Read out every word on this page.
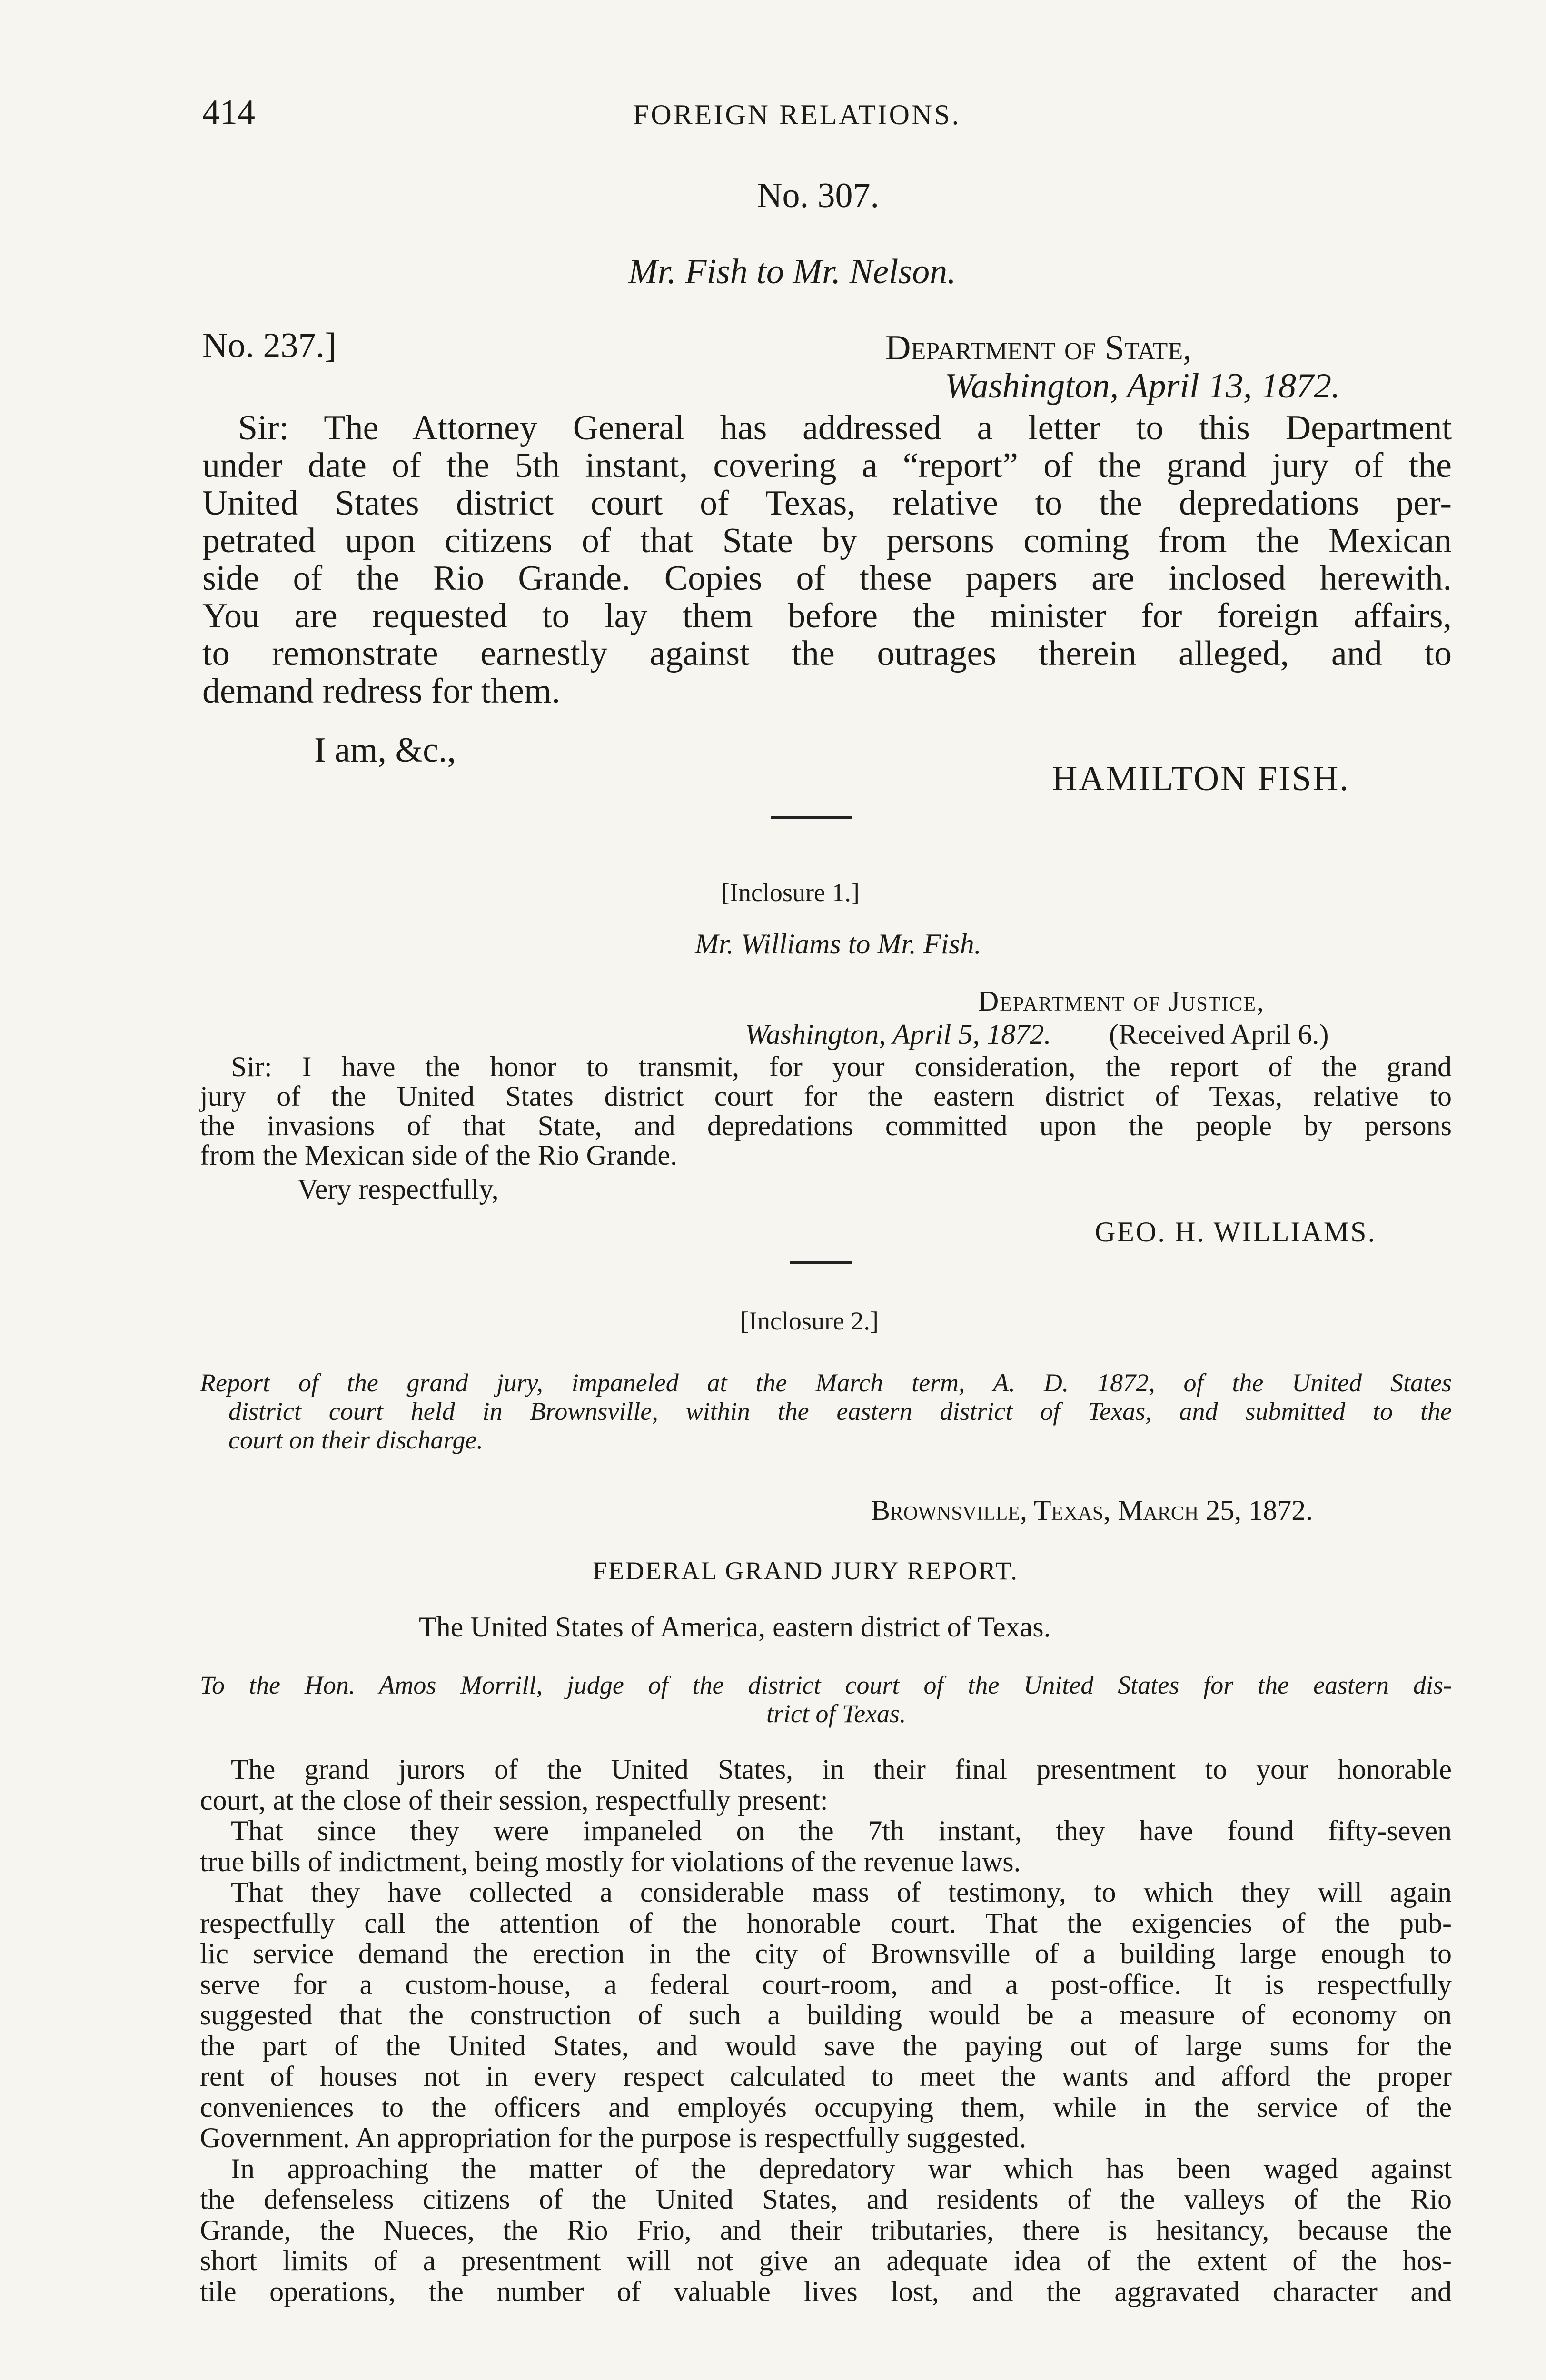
414	FOREIGN RELATIONS.
No. 307.
Mr. Fish to Mr. Nelson.
No. 237.]	Department of State,
Washington, April 13, 1872.
Sir: The Attorney General has addressed a letter to this Department
under date of the 5th instant, covering a “report” of the grand jury of the
United States district court of Texas, relative to the depredations per-
petrated upon citizens of that State by persons coming from the Mexican
side of the Rio Grande. Copies of these papers are inclosed herewith.
You are requested to lay them before the minister for foreign affairs,
to remonstrate earnestly against the outrages therein alleged, and to
demand redress for them.
I am, &c.,
HAMILTON FISH.
[Inclosure 1.]
Mr. Williams to Mr. Fish.
Department of Justice,
Washington, April 5, 1872. (Received April 6.)
Sir: I have the honor to transmit, for your consideration, the report of the grand
jury of the United States district court for the eastern district of Texas, relative to
the invasions of that State, and depredations committed upon the people by persons
from the Mexican side of the Rio Grande.
Very respectfully,
GEO. H. WILLIAMS.
[Inclosure 2.]
Report of the grand jury, impaneled at the March term, A. D. 1872, of the United States
district court held in Brownsville, within the eastern district of Texas, and submitted to the
court on their discharge.
Brownsville, Texas, March 25, 1872.
FEDERAL GRAND JURY REPORT.
The United States of America, eastern district of Texas.
To the Hon. Amos Morrill, judge of the district court of the United States for the eastern dis-
trict of Texas.
The grand jurors of the United States, in their final presentment to your honorable
court, at the close of their session, respectfully present:
That since they were impaneled on the 7th instant, they have found fifty-seven
true bills of indictment, being mostly for violations of the revenue laws.
That they have collected a considerable mass of testimony, to which they will again
respectfully call the attention of the honorable court. That the exigencies of the pub-
lic service demand the erection in the city of Brownsville of a building large enough to
serve for a custom-house, a federal court-room, and a post-office. It is respectfully
suggested that the construction of such a building would be a measure of economy on
the part of the United States, and would save the paying out of large sums for the
rent of houses not in every respect calculated to meet the wants and afford the proper
conveniences to the officers and employés occupying them, while in the service of the
Government. An appropriation for the purpose is respectfully suggested.
In approaching the matter of the depredatory war which has been waged against
the defenseless citizens of the United States, and residents of the valleys of the Rio
Grande, the Nueces, the Rio Frio, and their tributaries, there is hesitancy, because the
short limits of a presentment will not give an adequate idea of the extent of the hos-
tile operations, the number of valuable lives lost, and the aggravated character and
